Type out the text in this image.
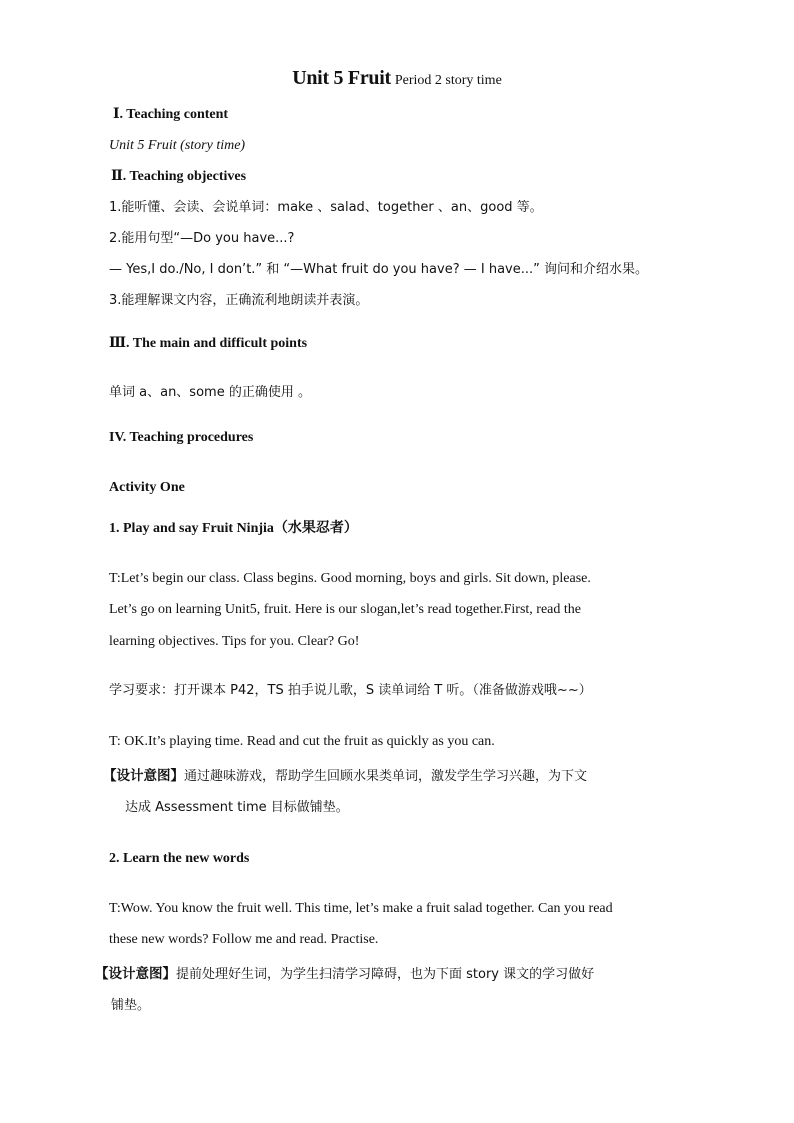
Unit 5 Fruit Period 2 story time
Ⅰ. Teaching content
Unit 5 Fruit (story time)
Ⅱ. Teaching objectives
1.能听懂、会读、会说单词：make 、salad、together 、an、good 等。
2.能用句型“—Do you have...?
— Yes,I do./No, I don’t.” 和 “—What fruit do you have? — I have...” 询问和介绍水果。
3.能理解课文内容，正确流利地朗读并表演。
Ⅲ. The main and difficult points
单词 a、an、some 的正确使用 。
IV. Teaching procedures
Activity One
1. Play and say Fruit Ninjia（水果忍者）
T:Let’s begin our class. Class begins. Good morning, boys and girls. Sit down, please.
Let’s go on learning Unit5, fruit. Here is our slogan,let’s read together.First, read the
learning objectives. Tips for you. Clear? Go!
学习要求：打开课本 P42，TS 拍手说儿歌，S 读单词给 T 听。（准备做游戏哦~~）
T: OK.It’s playing time. Read and cut the fruit as quickly as you can.
【设计意图】通过趣味游戏，帮助学生回顾水果类单词，激发学生学习兴趣，为下文
达成 Assessment time 目标做铺垫。
2. Learn the new words
T:Wow. You know the fruit well. This time, let’s make a fruit salad together. Can you read
these new words? Follow me and read. Practise.
【设计意图】提前处理好生词，为学生扫清学习障碍，也为下面 story 课文的学习做好
铺垫。
